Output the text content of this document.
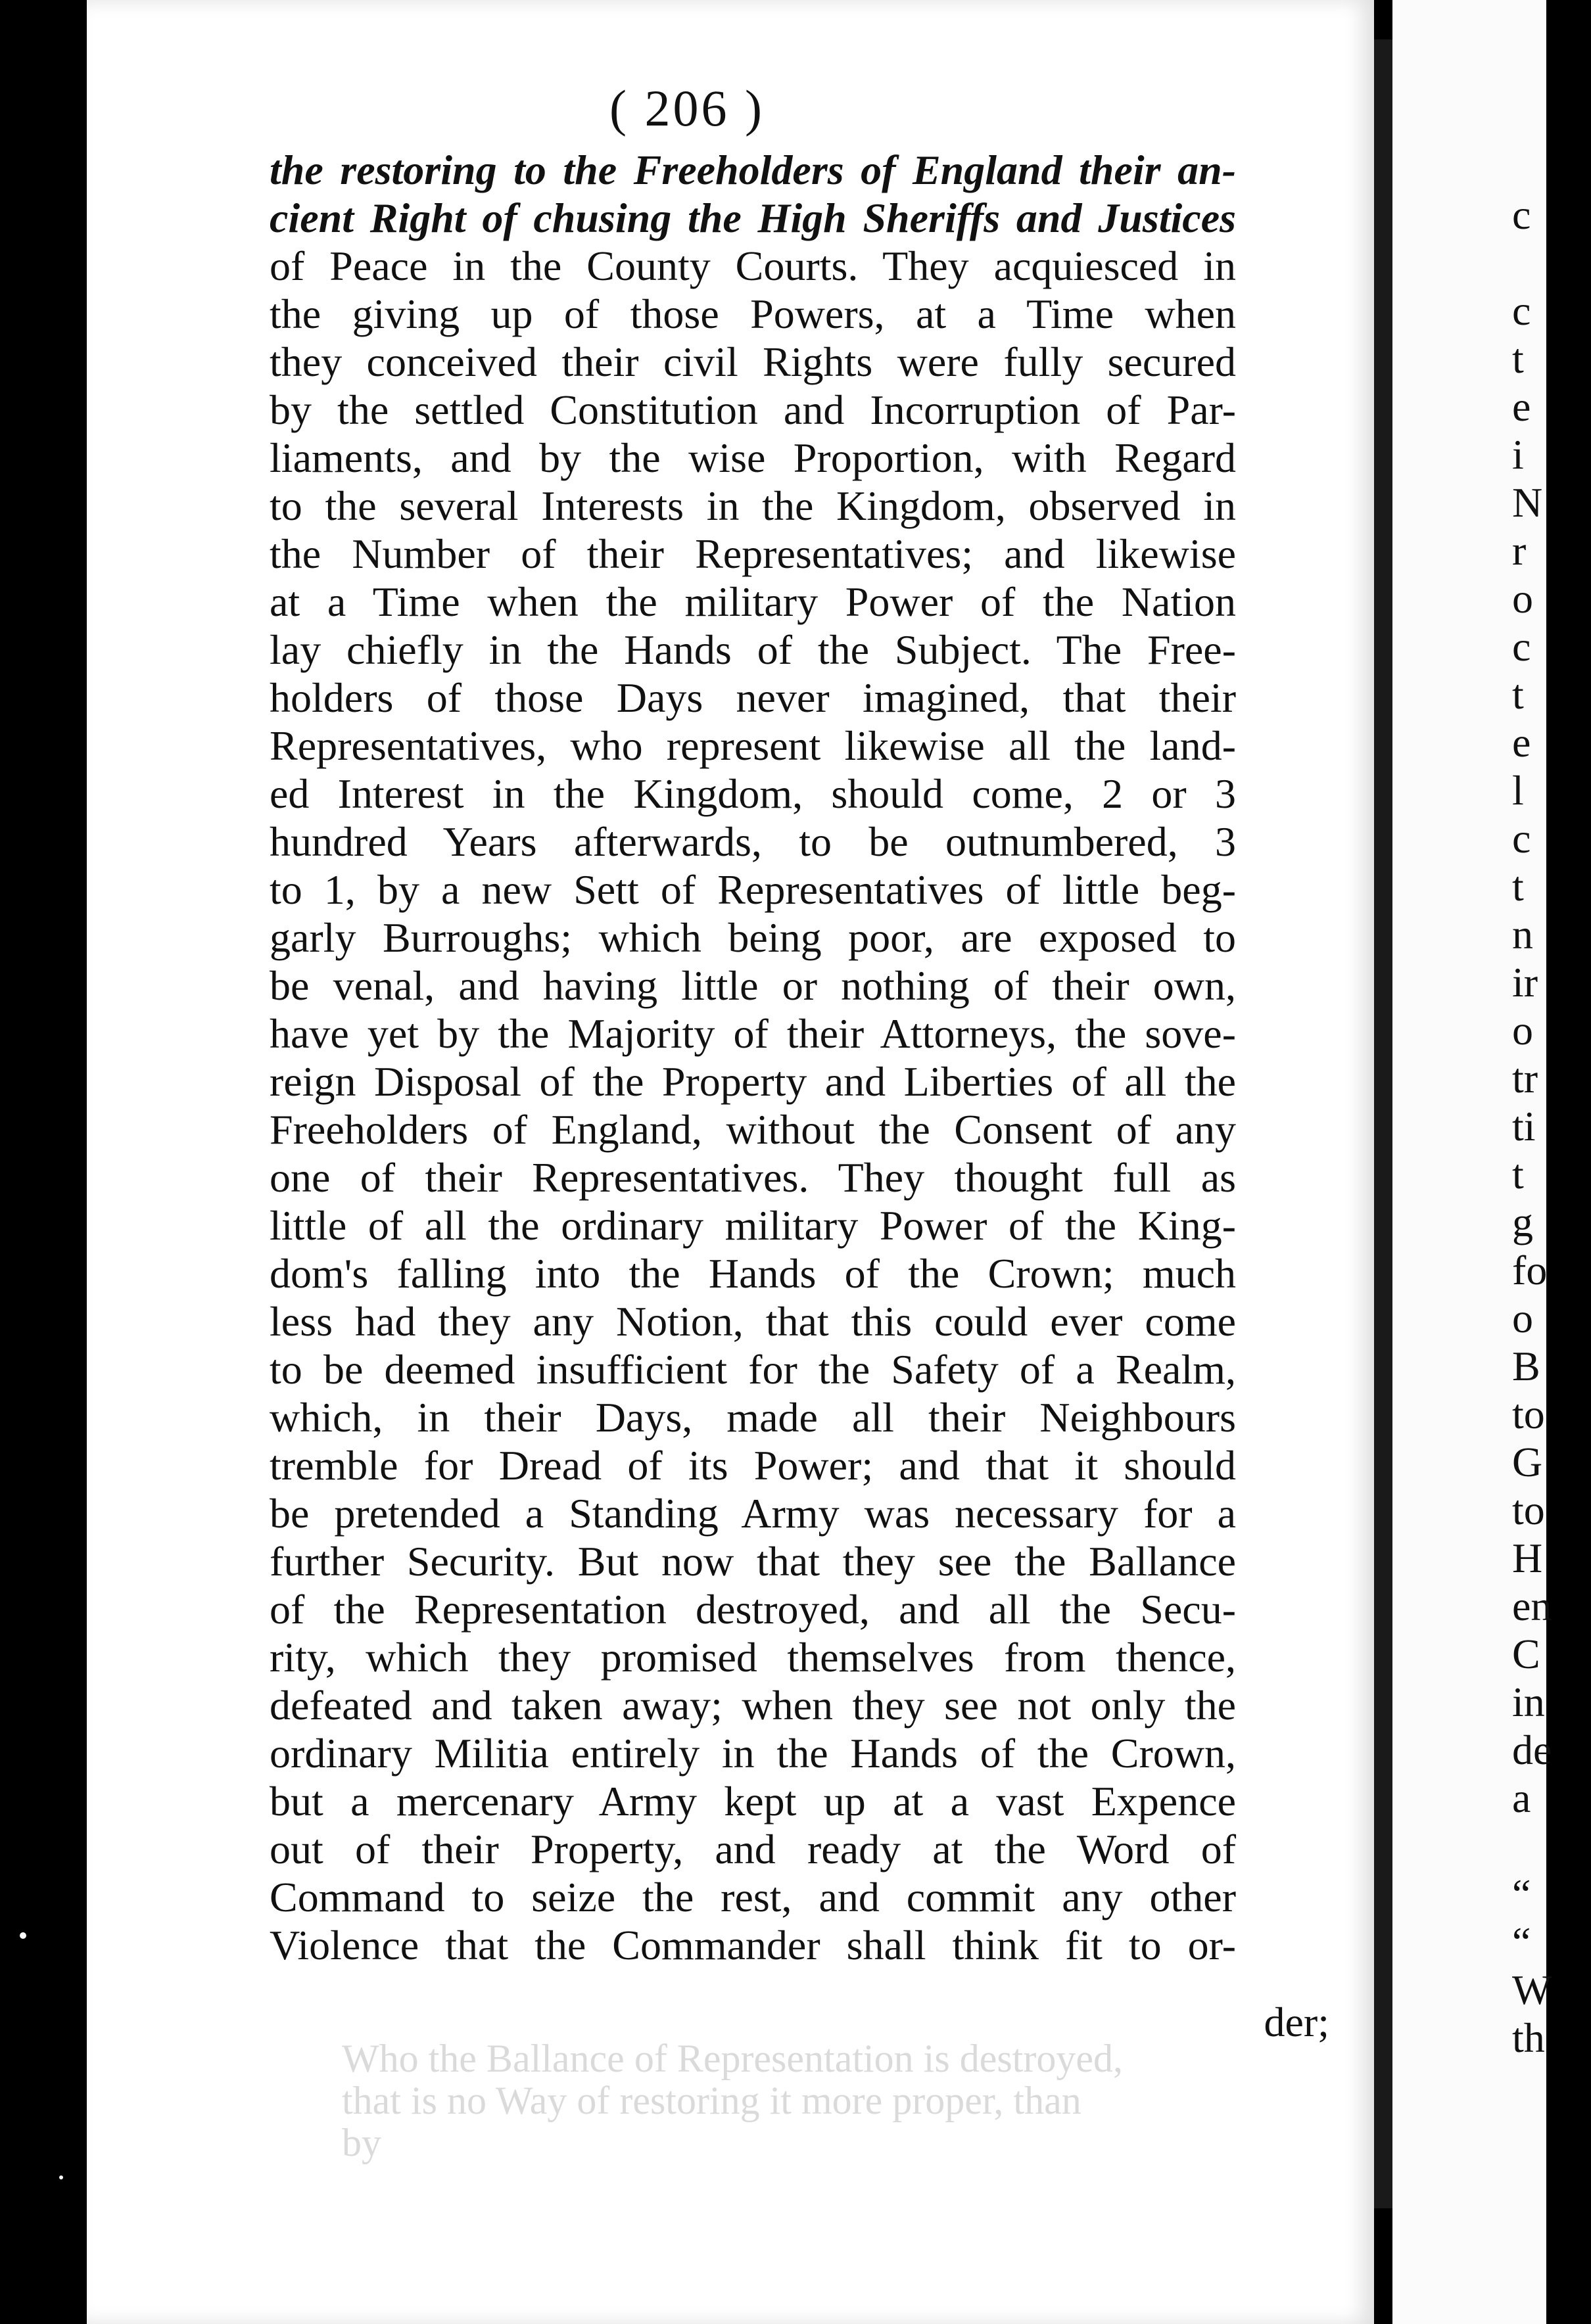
( 206 )
the restoring to the Freeholders of England their an-
cient Right of chusing the High Sheriffs and Justices
of Peace in the County Courts. They acquiesced in
the giving up of those Powers, at a Time when
they conceived their civil Rights were fully secured
by the settled Constitution and Incorruption of Par-
liaments, and by the wise Proportion, with Regard
to the several Interests in the Kingdom, observed in
the Number of their Representatives; and likewise
at a Time when the military Power of the Nation
lay chiefly in the Hands of the Subject. The Free-
holders of those Days never imagined, that their
Representatives, who represent likewise all the land-
ed Interest in the Kingdom, should come, 2 or 3
hundred Years afterwards, to be outnumbered, 3
to 1, by a new Sett of Representatives of little beg-
garly Burroughs; which being poor, are exposed to
be venal, and having little or nothing of their own,
have yet by the Majority of their Attorneys, the sove-
reign Disposal of the Property and Liberties of all the
Freeholders of England, without the Consent of any
one of their Representatives. They thought full as
little of all the ordinary military Power of the King-
dom's falling into the Hands of the Crown; much
less had they any Notion, that this could ever come
to be deemed insufficient for the Safety of a Realm,
which, in their Days, made all their Neighbours
tremble for Dread of its Power; and that it should
be pretended a Standing Army was necessary for a
further Security. But now that they see the Ballance
of the Representation destroyed, and all the Secu-
rity, which they promised themselves from thence,
defeated and taken away; when they see not only the
ordinary Militia entirely in the Hands of the Crown,
but a mercenary Army kept up at a vast Expence
out of their Property, and ready at the Word of
Command to seize the rest, and commit any other
Violence that the Commander shall think fit to or-
der;
Who the Ballance of Representation is destroyed,
that is no Way of restoring it more proper, than
by
c
c
t
e
i
N
r
o
c
t
e
l
c
t
n
ir
o
tr
ti
t
g
fo
o
B
to
G
to
H
en
C
in
de
a
“
“
W
th
